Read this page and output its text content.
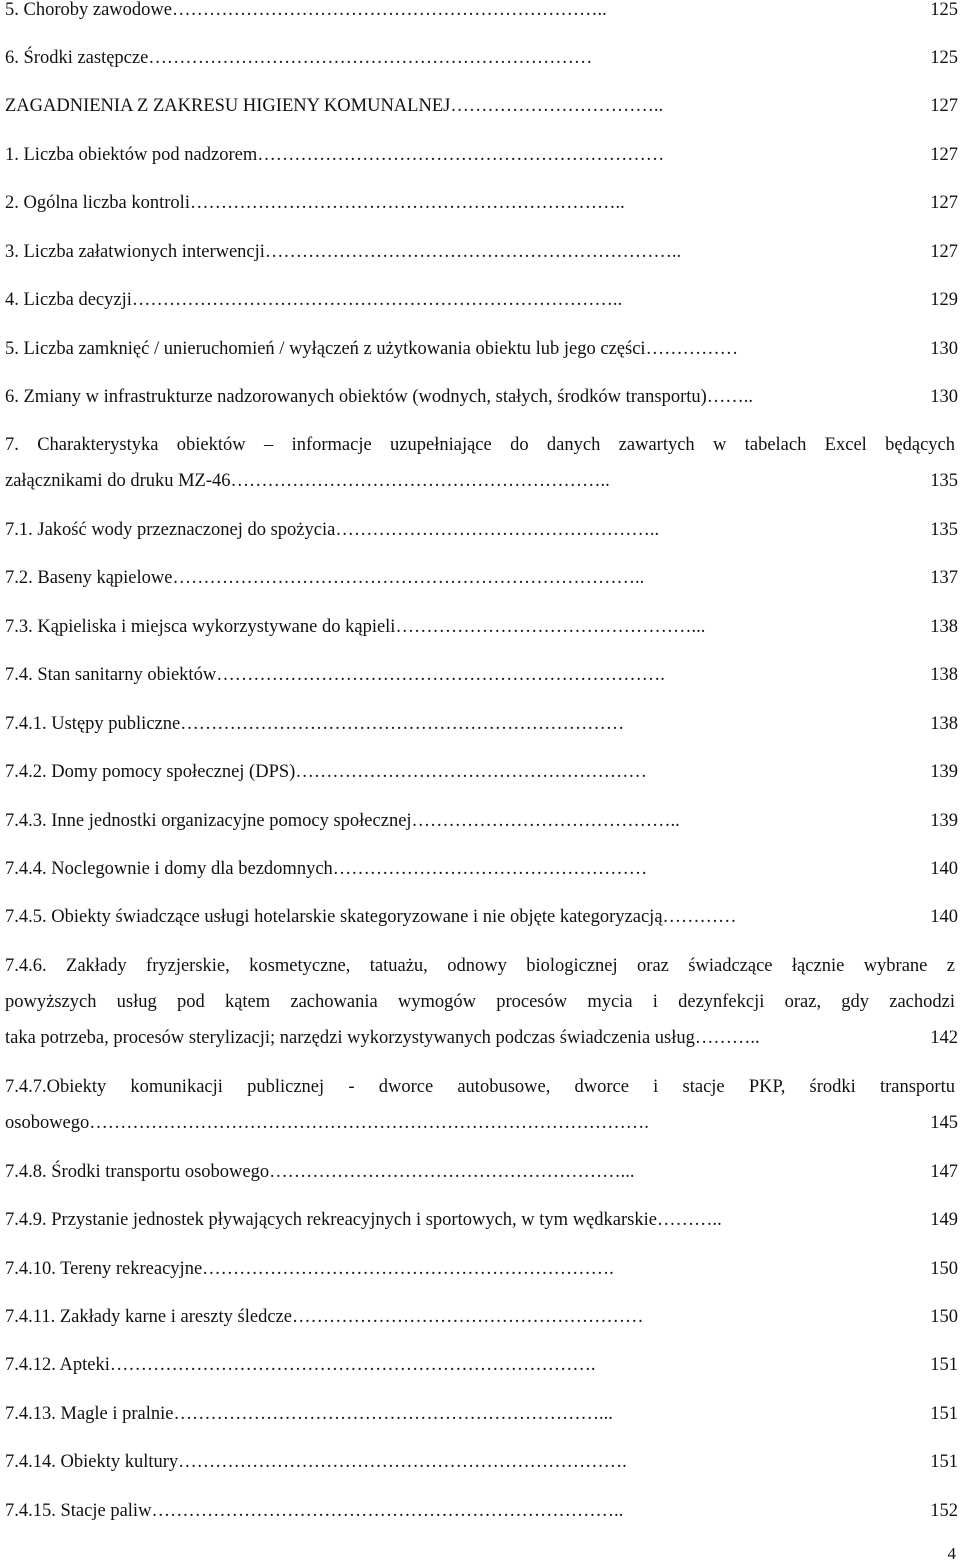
5. Choroby zawodowe……………………………………………………………..	125
6. Środki zastępcze………………………………………………………………	125
ZAGADNIENIA Z ZAKRESU HIGIENY KOMUNALNEJ……………………………..	127
1. Liczba obiektów pod nadzorem…………………………………………………………	127
2. Ogólna liczba kontroli……………………………………………………………..	127
3. Liczba załatwionych interwencji…………………………………………………………..	127
4. Liczba decyzji……………………………………………………………………..	129
5. Liczba zamknięć / unieruchomień / wyłączeń z użytkowania obiektu lub jego części……………	130
6. Zmiany w infrastrukturze nadzorowanych obiektów (wodnych, stałych, środków transportu)……..	130
7. Charakterystyka obiektów – informacje uzupełniające do danych zawartych w tabelach Excel będących
załącznikami do druku MZ-46……………………………………………………..	135
7.1. Jakość wody przeznaczonej do spożycia……………………………………………..	135
7.2. Baseny kąpielowe…………………………………………………………………..	137
7.3. Kąpieliska i miejsca wykorzystywane do kąpieli…………………………………………...	138
7.4. Stan sanitarny obiektów……………………………………………………………….	138
7.4.1. Ustępy publiczne………………………………………………………………	138
7.4.2. Domy pomocy społecznej (DPS)…………………………………………………	139
7.4.3. Inne jednostki organizacyjne pomocy społecznej……………………………………..	139
7.4.4. Noclegownie i domy dla bezdomnych……………………………………………	140
7.4.5. Obiekty świadczące usługi hotelarskie skategoryzowane i nie objęte kategoryzacją…………	140
7.4.6. Zakłady fryzjerskie, kosmetyczne, tatuażu, odnowy biologicznej oraz świadczące łącznie wybrane z
powyższych usług pod kątem zachowania wymogów procesów mycia i dezynfekcji oraz, gdy zachodzi
taka potrzeba, procesów sterylizacji; narzędzi wykorzystywanych podczas świadczenia usług………..	142
7.4.7.Obiekty komunikacji publicznej - dworce autobusowe, dworce i stacje PKP, środki transportu
osobowego……………………………………………………………………………….	145
7.4.8. Środki transportu osobowego…………………………………………………...	147
7.4.9. Przystanie jednostek pływających rekreacyjnych i sportowych, w tym wędkarskie………..	149
7.4.10. Tereny rekreacyjne………………………………………………………….	150
7.4.11. Zakłady karne i areszty śledcze…………………………………………………	150
7.4.12. Apteki…………………………………………………………………….	151
7.4.13. Magle i pralnie……………………………………………………………...	151
7.4.14. Obiekty kultury……………………………………………………………….	151
7.4.15. Stacje paliw…………………………………………………………………..	152
4
